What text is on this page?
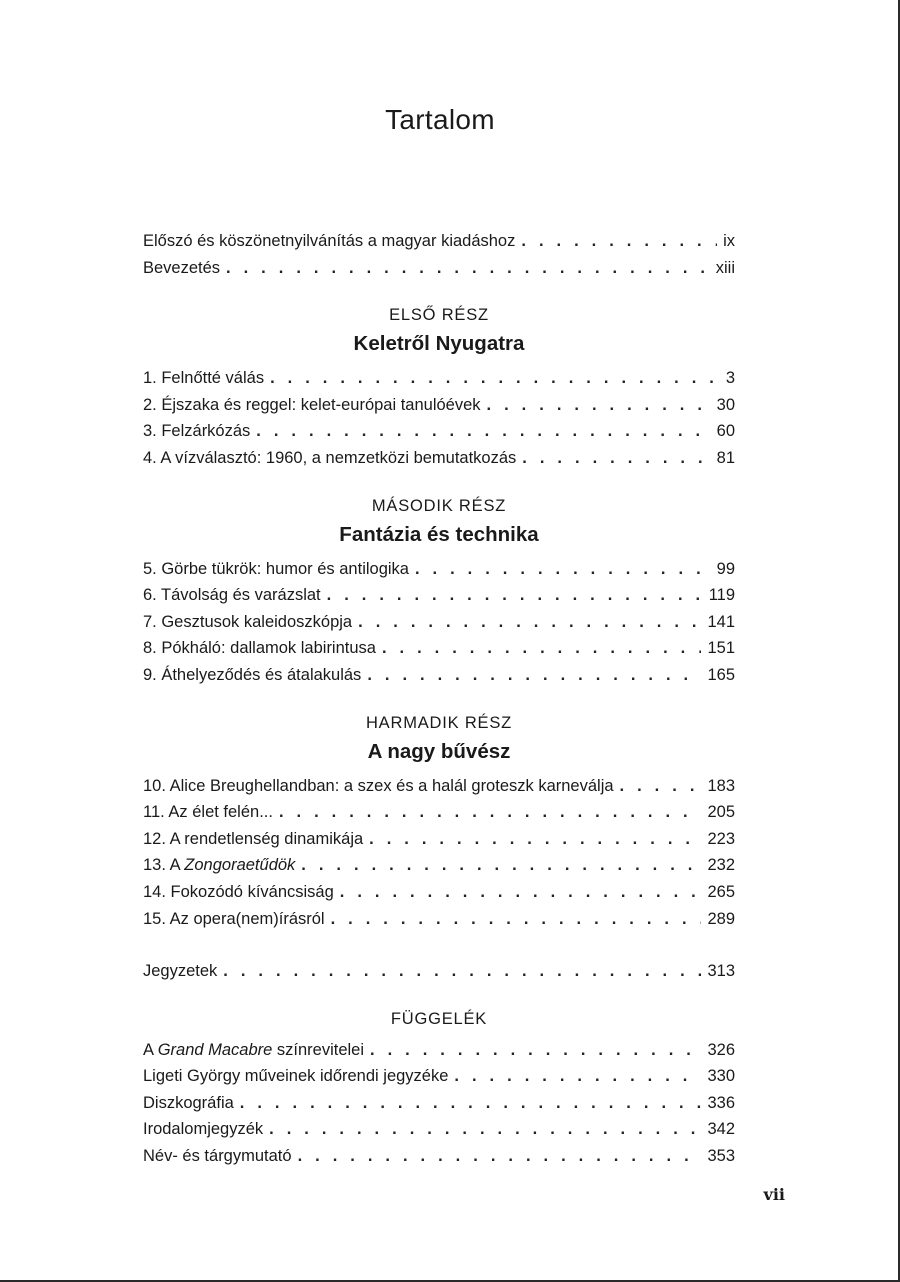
Tartalom
Előszó és köszönetnyilvánítás a magyar kiadáshoz . . .	ix
Bevezetés . . .	xiii
ELSŐ RÉSZ
Keletről Nyugatra
1. Felnőtté válás . . .	3
2. Éjszaka és reggel: kelet-európai tanulóévek . . .	30
3. Felzárkózás . . .	60
4. A vízválasztó: 1960, a nemzetközi bemutatkozás . . .	81
MÁSODIK RÉSZ
Fantázia és technika
5. Görbe tükrök: humor és antilogika . . .	99
6. Távolság és varázslat . . .	119
7. Gesztusok kaleidoszkópja . . .	141
8. Pókháló: dallamok labirintusa . . .	151
9. Áthelyeződés és átalakulás . . .	165
HARMADIK RÉSZ
A nagy bűvész
10. Alice Breughellandban: a szex és a halál groteszk karneválja . . .	183
11. Az élet felén... . . .	205
12. A rendetlenség dinamikája . . .	223
13. A Zongoraetűdök . . .	232
14. Fokozódó kíváncsiság . . .	265
15. Az opera(nem)írásról . . .	289
Jegyzetek . . .	313
FÜGGELÉK
A Grand Macabre színrevitelei . . .	326
Ligeti György műveinek időrendi jegyzéke . . .	330
Diszkográfia . . .	336
Irodalomjegyzék . . .	342
Név- és tárgymutató . . .	353
vii
